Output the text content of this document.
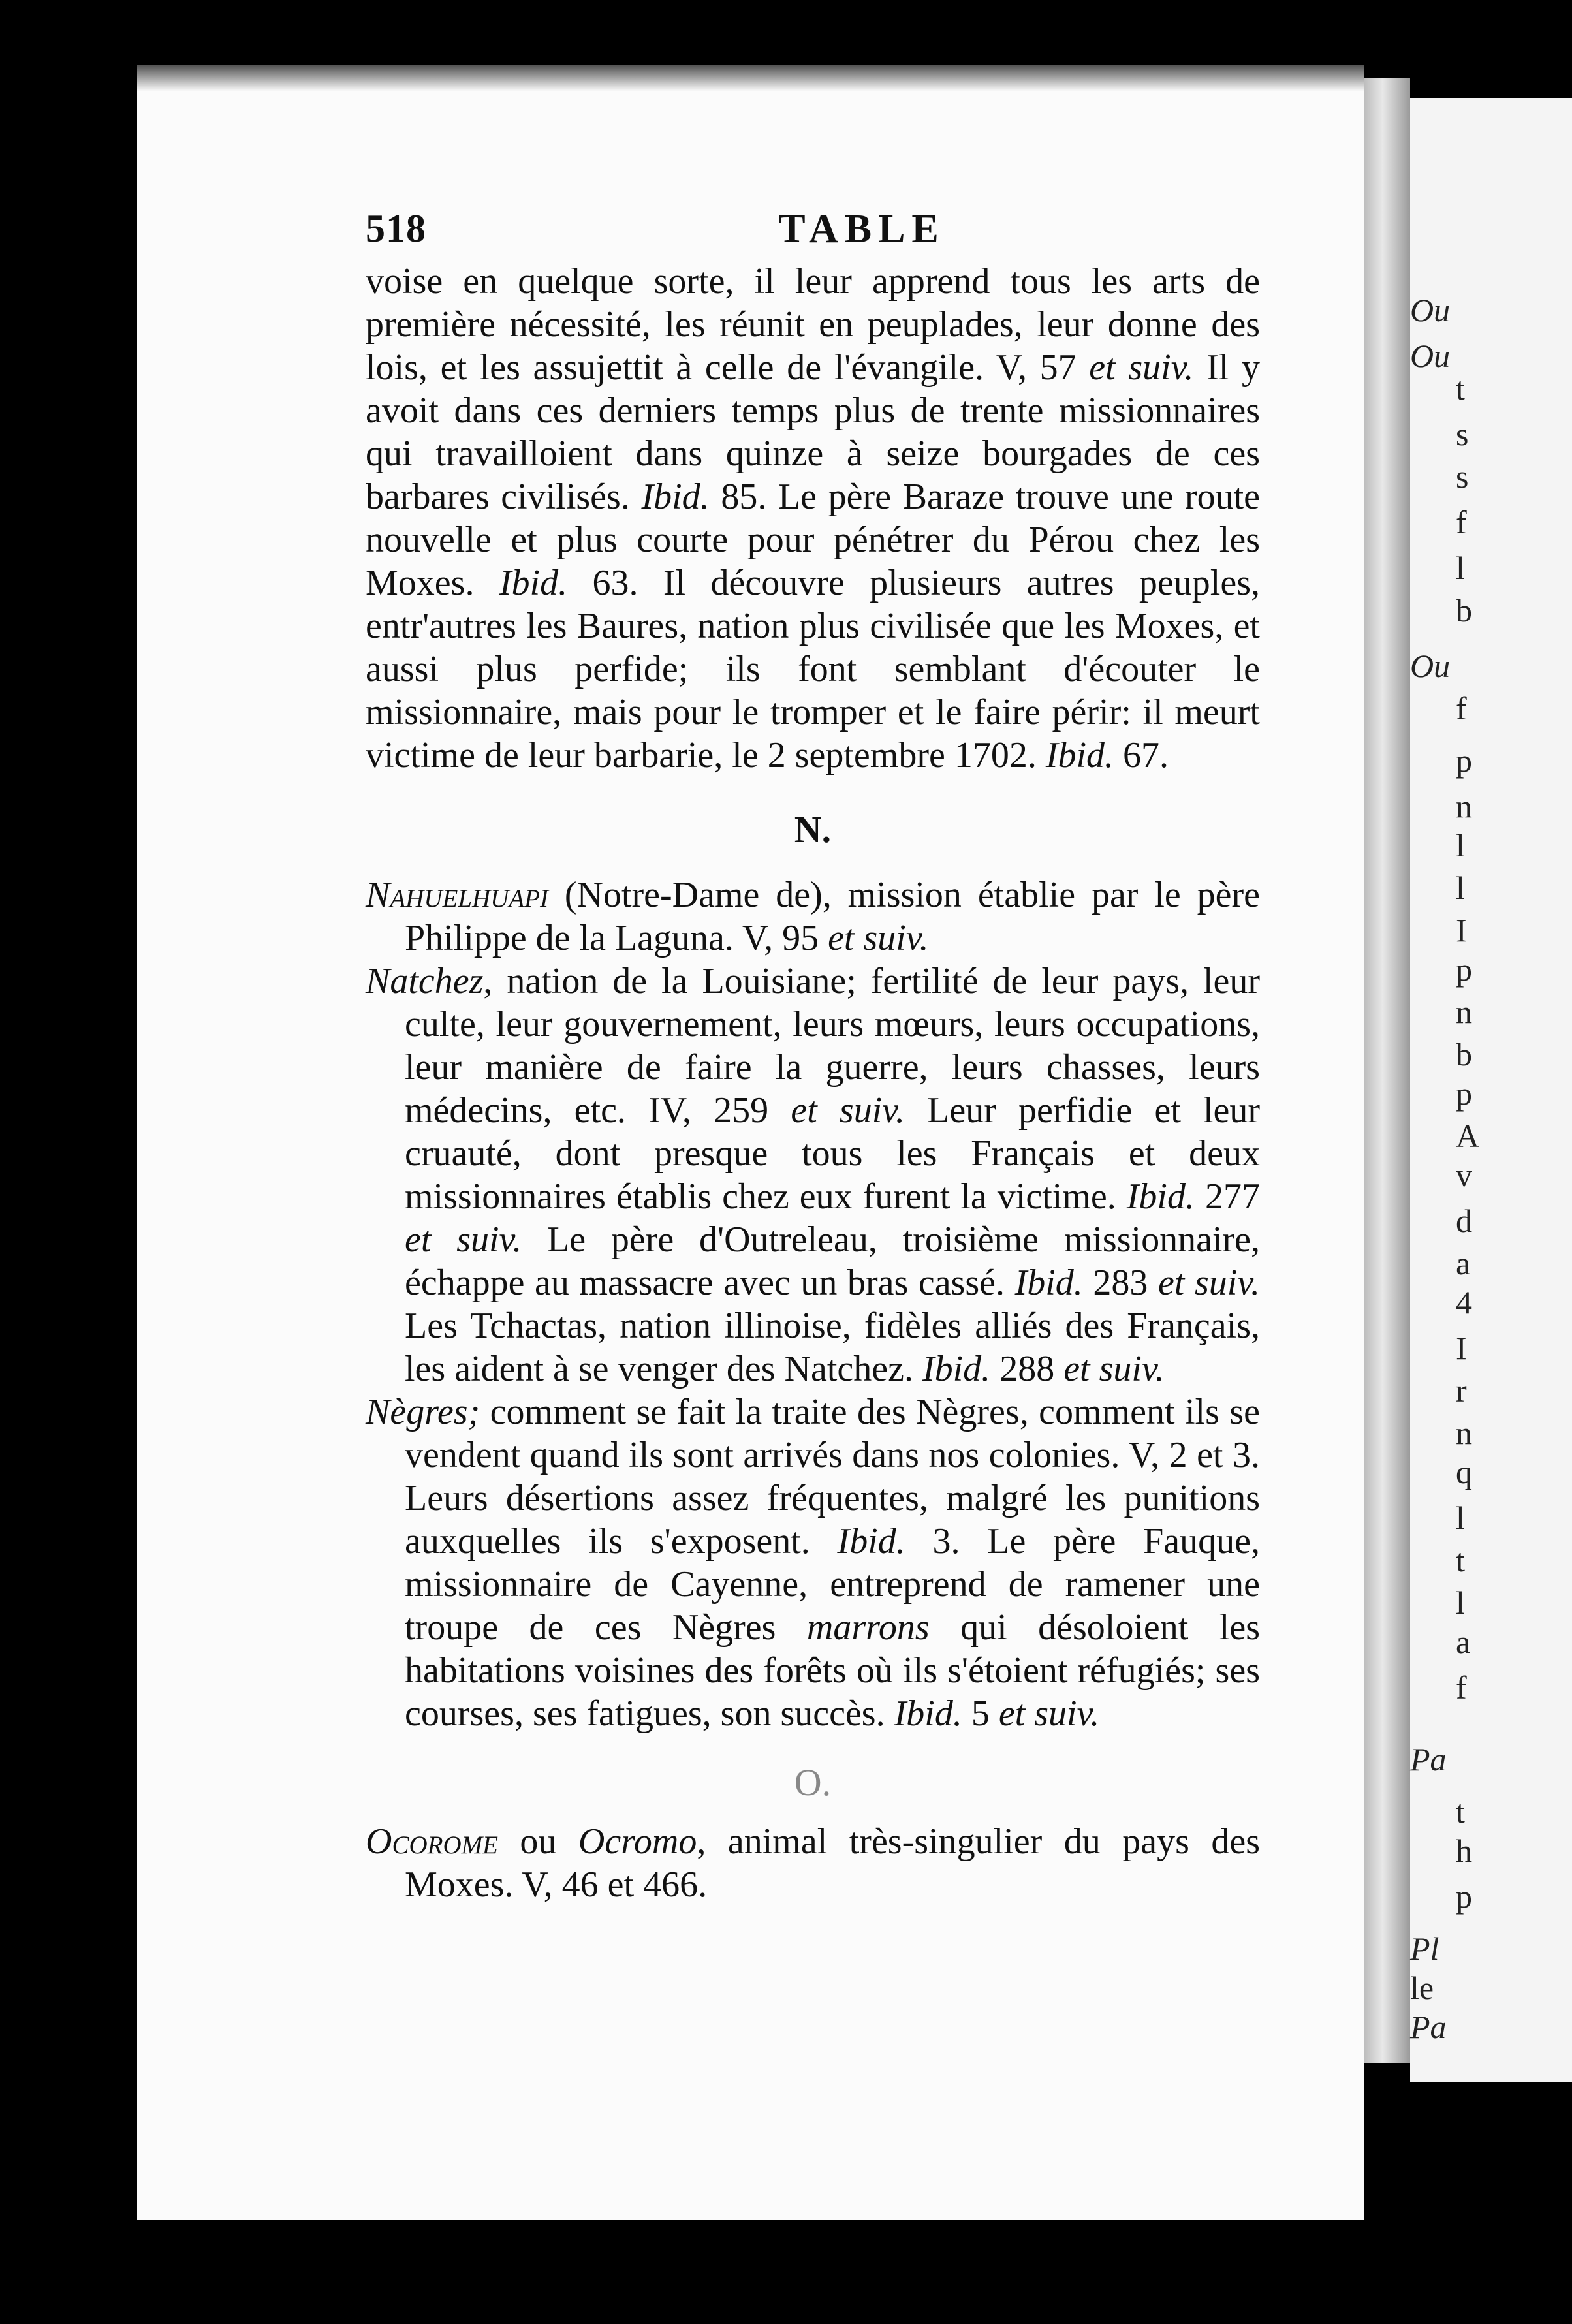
Ou
Ou
t
s
s
f
l
b
Ou
f
p
n
l
l
I
p
n
b
p
A
v
d
a
4
I
r
n
q
l
t
l
a
f
Pa
t
h
p
Pl
le
Pa
518	TABLE

voise en quelque sorte, il leur apprend tous les arts de première nécessité, les réunit en peuplades, leur donne des lois, et les assujettit à celle de l'évangile. V, 57 et suiv. Il y avoit dans ces derniers temps plus de trente missionnaires qui travailloient dans quinze à seize bourgades de ces barbares civilisés. Ibid. 85. Le père Baraze trouve une route nouvelle et plus courte pour pénétrer du Pérou chez les Moxes. Ibid. 63. Il découvre plusieurs autres peuples, entr'autres les Baures, nation plus civilisée que les Moxes, et aussi plus perfide; ils font semblant d'écouter le missionnaire, mais pour le tromper et le faire périr: il meurt victime de leur barbarie, le 2 septembre 1702. Ibid. 67.

N.

Nahuelhuapi (Notre-Dame de), mission établie par le père Philippe de la Laguna. V, 95 et suiv.

Natchez, nation de la Louisiane; fertilité de leur pays, leur culte, leur gouvernement, leurs mœurs, leurs occupations, leur manière de faire la guerre, leurs chasses, leurs médecins, etc. IV, 259 et suiv. Leur perfidie et leur cruauté, dont presque tous les Français et deux missionnaires établis chez eux furent la victime. Ibid. 277 et suiv. Le père d'Outreleau, troisième missionnaire, échappe au massacre avec un bras cassé. Ibid. 283 et suiv. Les Tchactas, nation illinoise, fidèles alliés des Français, les aident à se venger des Natchez. Ibid. 288 et suiv.

Nègres; comment se fait la traite des Nègres, comment ils se vendent quand ils sont arrivés dans nos colonies. V, 2 et 3. Leurs désertions assez fréquentes, malgré les punitions auxquelles ils s'exposent. Ibid. 3. Le père Fauque, missionnaire de Cayenne, entreprend de ramener une troupe de ces Nègres marrons qui désoloient les habitations voisines des forêts où ils s'étoient réfugiés; ses courses, ses fatigues, son succès. Ibid. 5 et suiv.

O.

Ocorome ou Ocromo, animal très-singulier du pays des Moxes. V, 46 et 466.
